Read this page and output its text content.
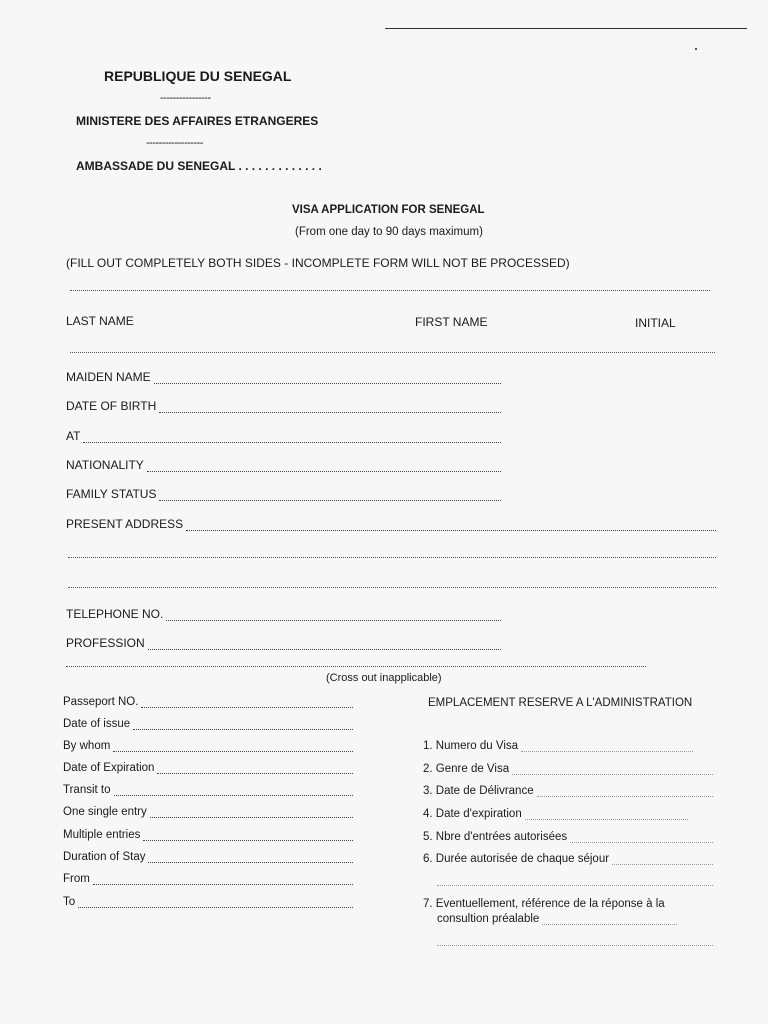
REPUBLIQUE DU SENEGAL
----------------
MINISTERE DES AFFAIRES ETRANGERES
------------------
AMBASSADE DU SENEGAL . . . . . . . . . . . . .
VISA APPLICATION FOR SENEGAL
(From one day to 90 days maximum)
(FILL OUT COMPLETELY BOTH SIDES - INCOMPLETE FORM WILL NOT BE PROCESSED)
LAST NAME	FIRST NAME	INITIAL
MAIDEN NAME
DATE OF BIRTH
AT
NATIONALITY
FAMILY STATUS
PRESENT ADDRESS
TELEPHONE NO.
PROFESSION
(Cross out inapplicable)
Passeport NO.
Date of issue
By whom
Date of Expiration
Transit to
One single entry
Multiple entries
Duration of Stay
From
To
EMPLACEMENT RESERVE A L'ADMINISTRATION
1. Numero du Visa
2. Genre de Visa
3. Date de Délivrance
4. Date d'expiration
5. Nbre d'entrées autorisées
6. Durée autorisée de chaque séjour
7. Eventuellement, référence de la réponse à la
consultion préalable
